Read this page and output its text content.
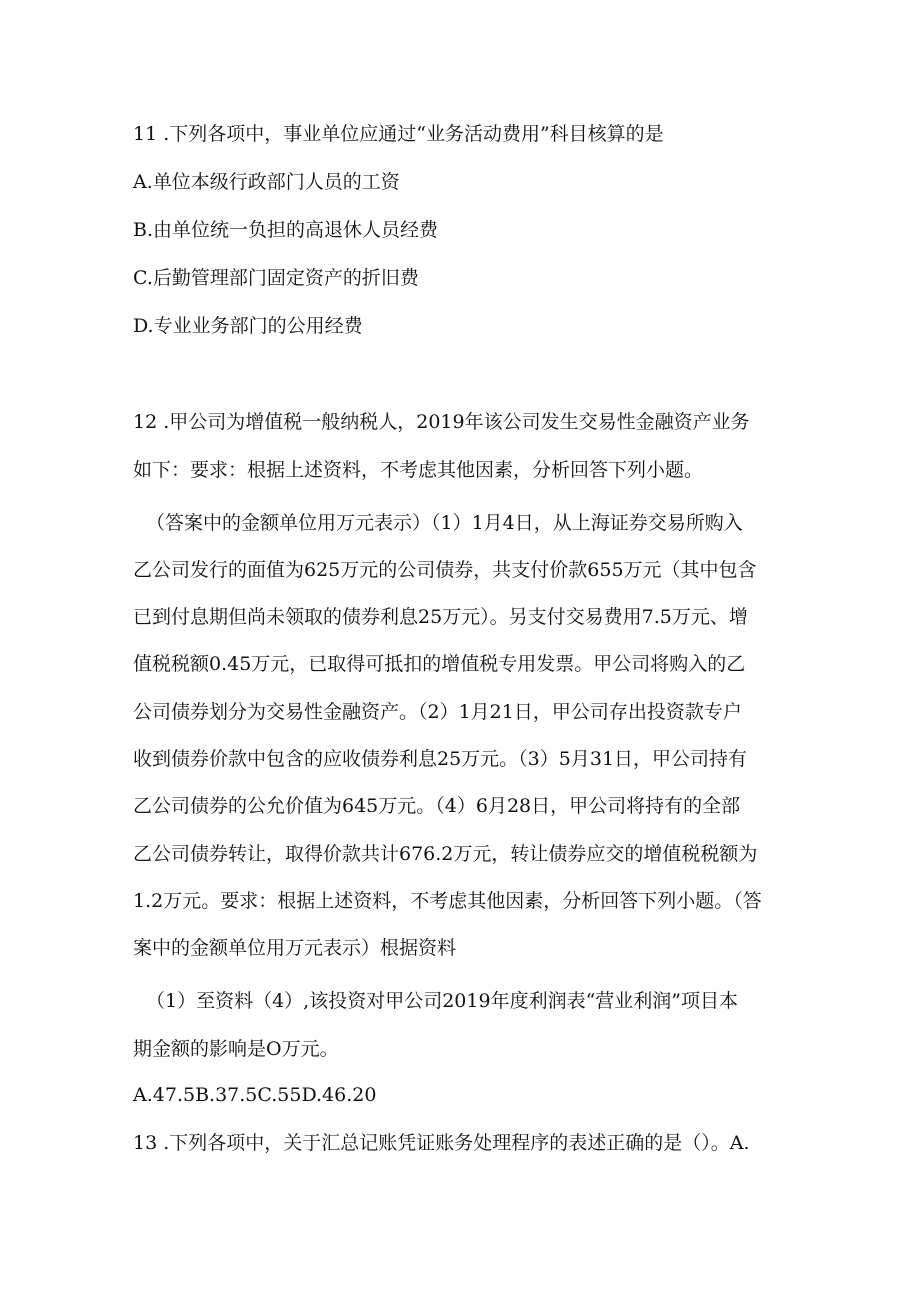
11 .下列各项中，事业单位应通过“业务活动费用”科目核算的是
A.单位本级行政部门人员的工资
B.由单位统一负担的高退休人员经费
C.后勤管理部门固定资产的折旧费
D.专业业务部门的公用经费
12 .甲公司为增值税一般纳税人，2019年该公司发生交易性金融资产业务
如下：要求：根据上述资料，不考虑其他因素，分析回答下列小题。
（答案中的金额单位用万元表示）（1）1月4日，从上海证券交易所购入
乙公司发行的面值为625万元的公司债券，共支付价款655万元（其中包含
已到付息期但尚未领取的债券利息25万元）。另支付交易费用7.5万元、增
值税税额0.45万元，已取得可抵扣的增值税专用发票。甲公司将购入的乙
公司债券划分为交易性金融资产。（2）1月21日，甲公司存出投资款专户
收到债券价款中包含的应收债券利息25万元。（3）5月31日，甲公司持有
乙公司债券的公允价值为645万元。（4）6月28日，甲公司将持有的全部
乙公司债券转让，取得价款共计676.2万元，转让债券应交的增值税税额为
1.2万元。要求：根据上述资料，不考虑其他因素，分析回答下列小题。（答
案中的金额单位用万元表示）根据资料
（1）至资料（4）,该投资对甲公司2019年度利润表“营业利润”项目本
期金额的影响是O万元。
A.47.5B.37.5C.55D.46.20
13 .下列各项中，关于汇总记账凭证账务处理程序的表述正确的是（）。A.
